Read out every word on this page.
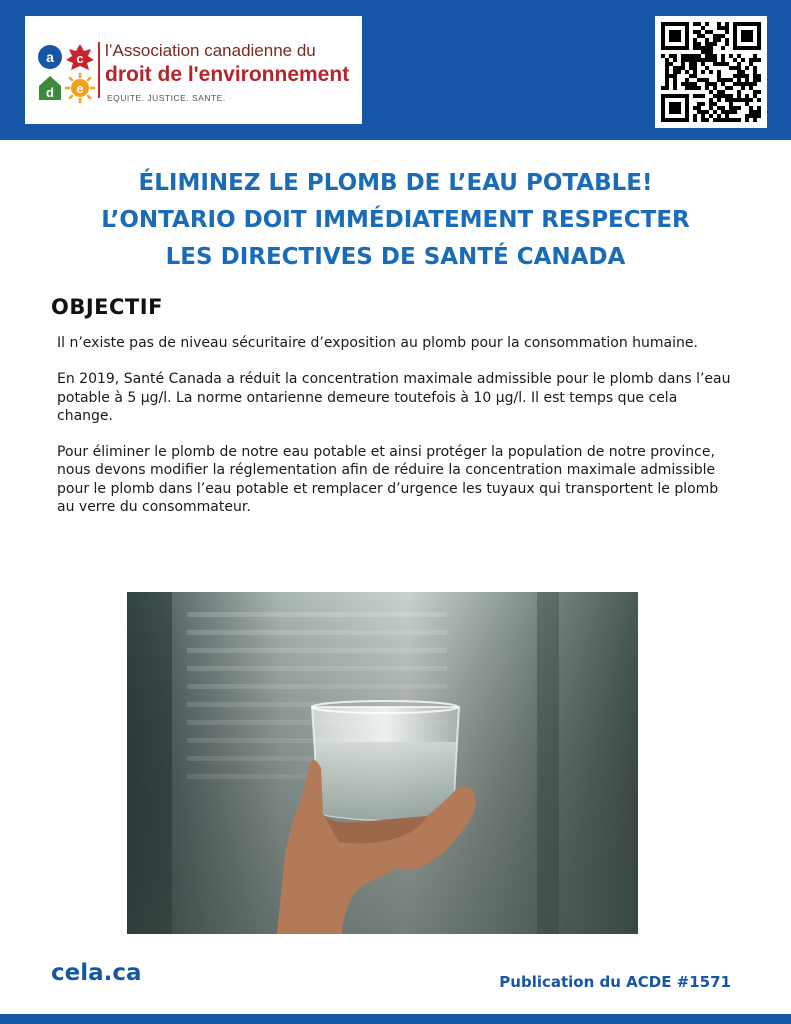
a c
d e
l’Association canadienne du
droit de l'environnement
EQUITE. JUSTICE. SANTE.
ÉLIMINEZ LE PLOMB DE L’EAU POTABLE!
L’ONTARIO DOIT IMMÉDIATEMENT RESPECTER
LES DIRECTIVES DE SANTÉ CANADA
OBJECTIF

Il n’existe pas de niveau sécuritaire d’exposition au plomb pour la consommation humaine.

En 2019, Santé Canada a réduit la concentration maximale admissible pour le plomb dans l’eau potable à 5 µg/l. La norme ontarienne demeure toutefois à 10 µg/l. Il est temps que cela change.

Pour éliminer le plomb de notre eau potable et ainsi protéger la population de notre province, nous devons modifier la réglementation afin de réduire la concentration maximale admissible pour le plomb dans l’eau potable et remplacer d’urgence les tuyaux qui transportent le plomb au verre du consommateur.

cela.ca	Publication du ACDE #1571
